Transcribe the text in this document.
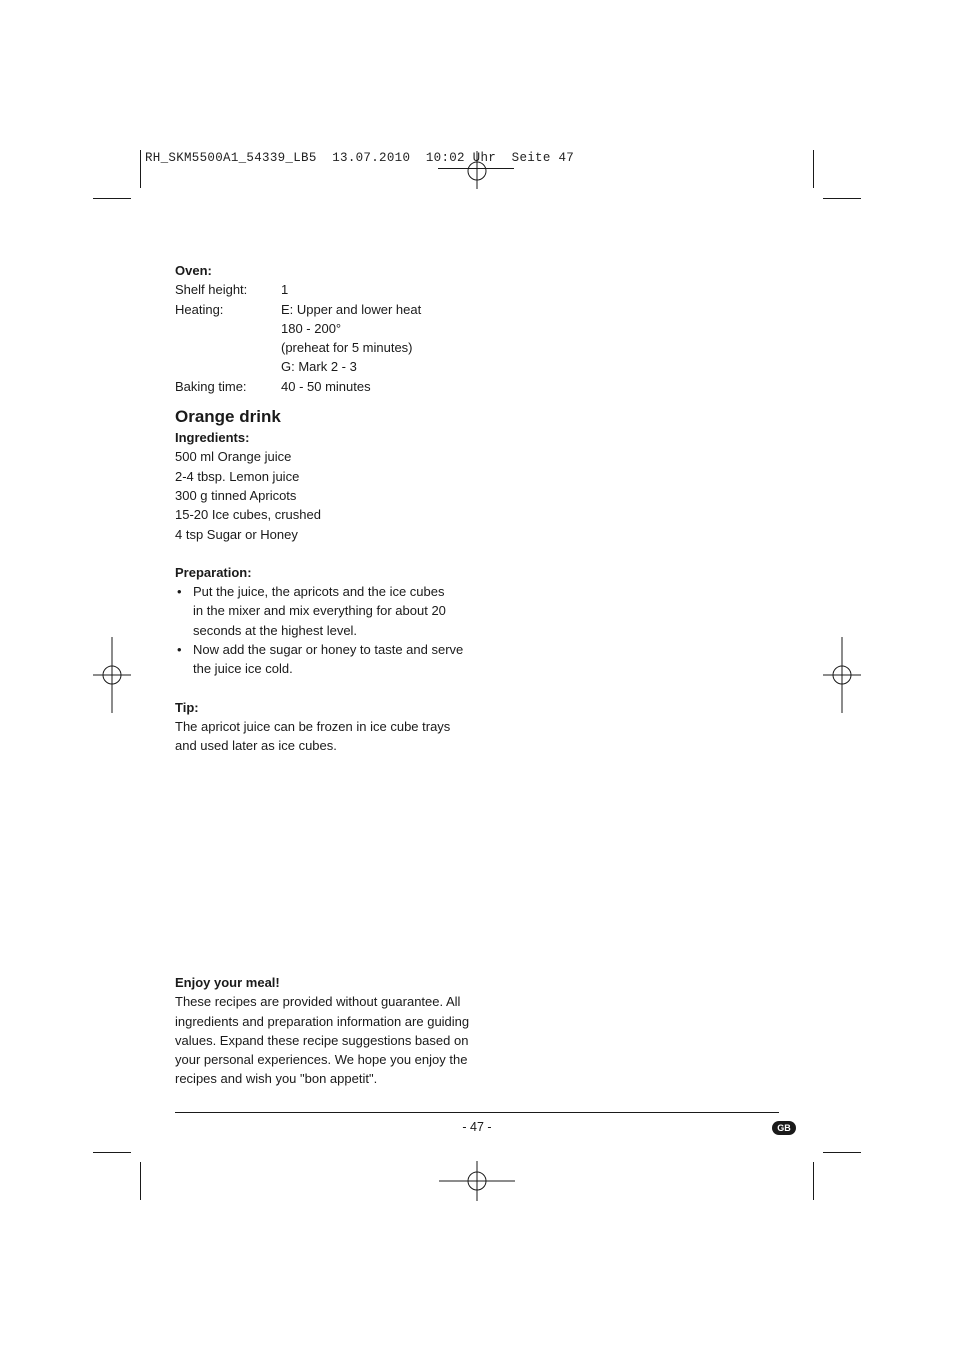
RH_SKM5500A1_54339_LB5  13.07.2010  10:02 Uhr  Seite 47

Oven:

Shelf height:	1
Heating:	E: Upper and lower heat
180 - 200°
(preheat for 5 minutes)
G: Mark 2 - 3
Baking time:	40 - 50 minutes
Orange drink

Ingredients:

500 ml Orange juice
2-4 tbsp. Lemon juice
300 g tinned Apricots
15-20 Ice cubes, crushed
4 tsp Sugar or Honey

Preparation:

• Put the juice, the apricots and the ice cubes
in the mixer and mix everything for about 20
seconds at the highest level.
• Now add the sugar or honey to taste and serve
the juice ice cold.

Tip:

The apricot juice can be frozen in ice cube trays
and used later as ice cubes.

Enjoy your meal!

These recipes are provided without guarantee. All
ingredients and preparation information are guiding
values. Expand these recipe suggestions based on
your personal experiences. We hope you enjoy the
recipes and wish you "bon appetit".
- 47 -	GB
